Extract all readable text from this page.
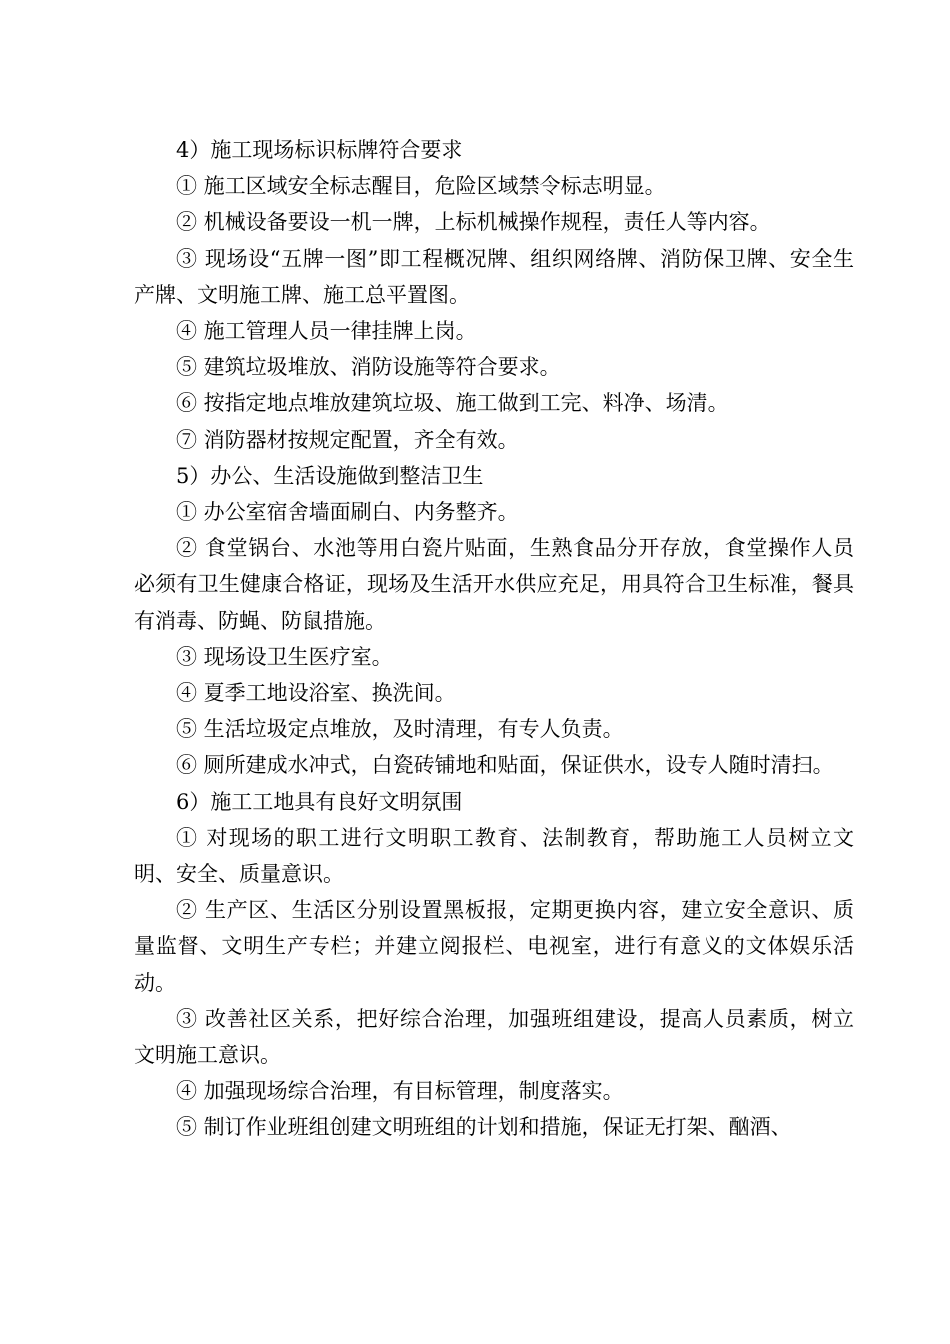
4）施工现场标识标牌符合要求

① 施工区域安全标志醒目，危险区域禁令标志明显。

② 机械设备要设一机一牌，上标机械操作规程，责任人等内容。

③ 现场设“五牌一图”即工程概况牌、组织网络牌、消防保卫牌、安全生产牌、文明施工牌、施工总平置图。

④ 施工管理人员一律挂牌上岗。

⑤ 建筑垃圾堆放、消防设施等符合要求。

⑥ 按指定地点堆放建筑垃圾、施工做到工完、料净、场清。

⑦ 消防器材按规定配置，齐全有效。

5）办公、生活设施做到整洁卫生

① 办公室宿舍墙面刷白、内务整齐。

② 食堂锅台、水池等用白瓷片贴面，生熟食品分开存放，食堂操作人员必须有卫生健康合格证，现场及生活开水供应充足，用具符合卫生标准，餐具有消毒、防蝇、防鼠措施。

③ 现场设卫生医疗室。

④ 夏季工地设浴室、换洗间。

⑤ 生活垃圾定点堆放，及时清理，有专人负责。

⑥ 厕所建成水冲式，白瓷砖铺地和贴面，保证供水，设专人随时清扫。

6）施工工地具有良好文明氛围

① 对现场的职工进行文明职工教育、法制教育，帮助施工人员树立文明、安全、质量意识。

② 生产区、生活区分别设置黑板报，定期更换内容，建立安全意识、质量监督、文明生产专栏；并建立阅报栏、电视室，进行有意义的文体娱乐活动。

③ 改善社区关系，把好综合治理，加强班组建设，提高人员素质，树立文明施工意识。

④ 加强现场综合治理，有目标管理，制度落实。

⑤ 制订作业班组创建文明班组的计划和措施，保证无打架、酗酒、
